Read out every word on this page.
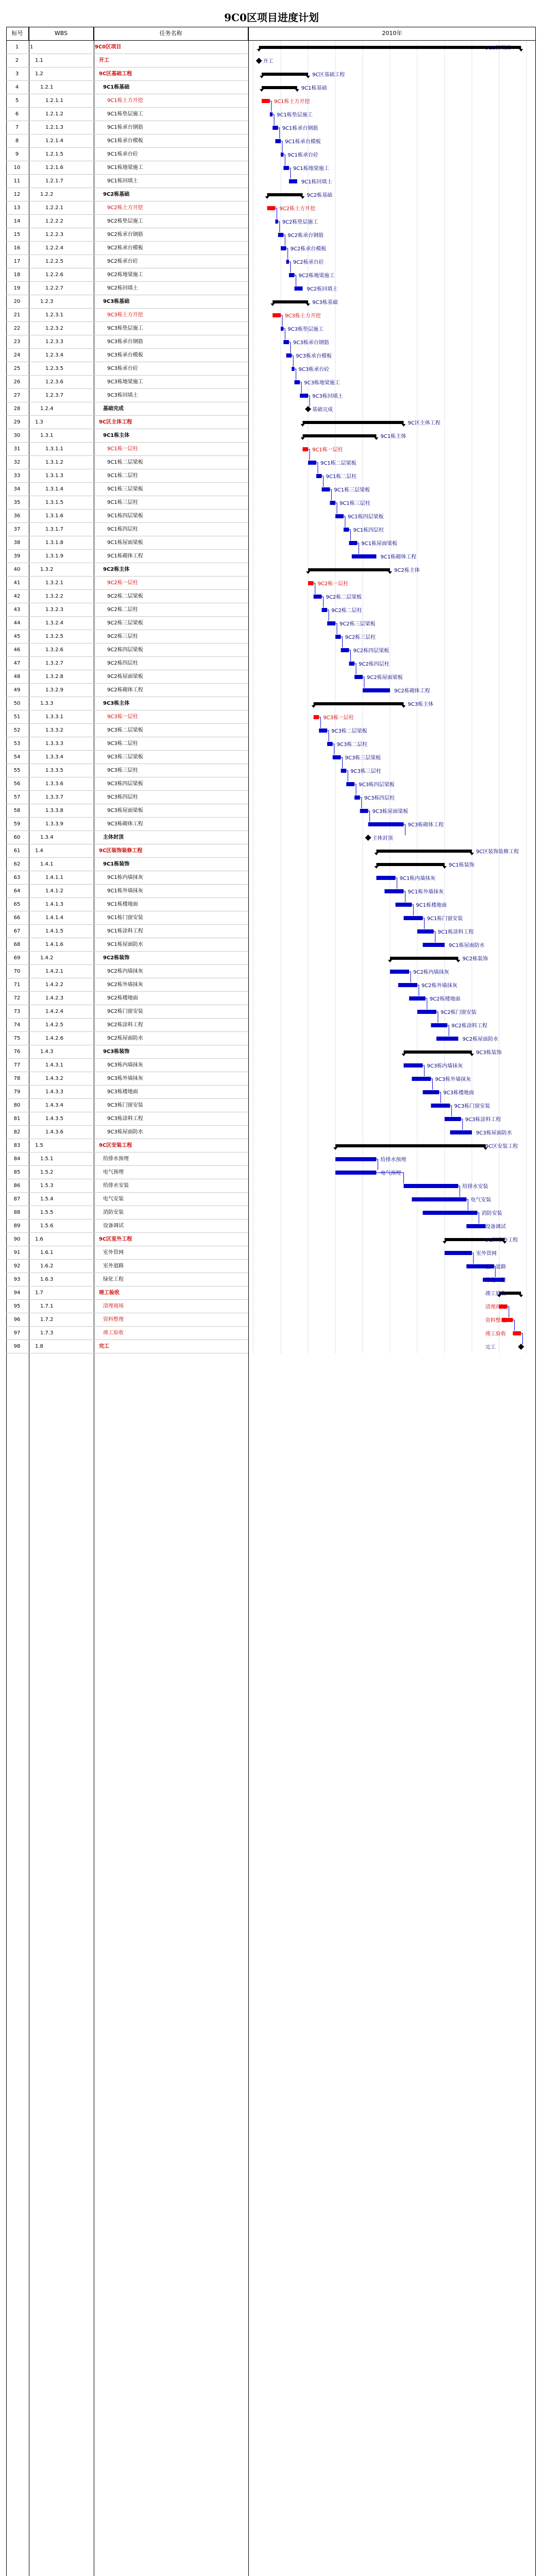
9C0区项目进度计划
标号	WBS	任务名称	2010年
1	1	9C0区项目
2	1.1	开工
3	1.2	9C区基础工程
4	1.2.1	9C1栋基础
5	1.2.1.1	9C1栋土方开挖
6	1.2.1.2	9C1栋垫层施工
7	1.2.1.3	9C1栋承台钢筋
8	1.2.1.4	9C1栋承台模板
9	1.2.1.5	9C1栋承台砼
10	1.2.1.6	9C1栋地梁施工
11	1.2.1.7	9C1栋回填土
12	1.2.2	9C2栋基础
13	1.2.2.1	9C2栋土方开挖
14	1.2.2.2	9C2栋垫层施工
15	1.2.2.3	9C2栋承台钢筋
16	1.2.2.4	9C2栋承台模板
17	1.2.2.5	9C2栋承台砼
18	1.2.2.6	9C2栋地梁施工
19	1.2.2.7	9C2栋回填土
20	1.2.3	9C3栋基础
21	1.2.3.1	9C3栋土方开挖
22	1.2.3.2	9C3栋垫层施工
23	1.2.3.3	9C3栋承台钢筋
24	1.2.3.4	9C3栋承台模板
25	1.2.3.5	9C3栋承台砼
26	1.2.3.6	9C3栋地梁施工
27	1.2.3.7	9C3栋回填土
28	1.2.4	基础完成
29	1.3	9C区主体工程
30	1.3.1	9C1栋主体
31	1.3.1.1	9C1栋一层柱
32	1.3.1.2	9C1栋二层梁板
33	1.3.1.3	9C1栋二层柱
34	1.3.1.4	9C1栋三层梁板
35	1.3.1.5	9C1栋三层柱
36	1.3.1.6	9C1栋四层梁板
37	1.3.1.7	9C1栋四层柱
38	1.3.1.8	9C1栋屋面梁板
39	1.3.1.9	9C1栋砌体工程
40	1.3.2	9C2栋主体
41	1.3.2.1	9C2栋一层柱
42	1.3.2.2	9C2栋二层梁板
43	1.3.2.3	9C2栋二层柱
44	1.3.2.4	9C2栋三层梁板
45	1.3.2.5	9C2栋三层柱
46	1.3.2.6	9C2栋四层梁板
47	1.3.2.7	9C2栋四层柱
48	1.3.2.8	9C2栋屋面梁板
49	1.3.2.9	9C2栋砌体工程
50	1.3.3	9C3栋主体
51	1.3.3.1	9C3栋一层柱
52	1.3.3.2	9C3栋二层梁板
53	1.3.3.3	9C3栋二层柱
54	1.3.3.4	9C3栋三层梁板
55	1.3.3.5	9C3栋三层柱
56	1.3.3.6	9C3栋四层梁板
57	1.3.3.7	9C3栋四层柱
58	1.3.3.8	9C3栋屋面梁板
59	1.3.3.9	9C3栋砌体工程
60	1.3.4	主体封顶
61	1.4	9C区装饰装修工程
62	1.4.1	9C1栋装饰
63	1.4.1.1	9C1栋内墙抹灰
64	1.4.1.2	9C1栋外墙抹灰
65	1.4.1.3	9C1栋楼地面
66	1.4.1.4	9C1栋门窗安装
67	1.4.1.5	9C1栋涂料工程
68	1.4.1.6	9C1栋屋面防水
69	1.4.2	9C2栋装饰
70	1.4.2.1	9C2栋内墙抹灰
71	1.4.2.2	9C2栋外墙抹灰
72	1.4.2.3	9C2栋楼地面
73	1.4.2.4	9C2栋门窗安装
74	1.4.2.5	9C2栋涂料工程
75	1.4.2.6	9C2栋屋面防水
76	1.4.3	9C3栋装饰
77	1.4.3.1	9C3栋内墙抹灰
78	1.4.3.2	9C3栋外墙抹灰
79	1.4.3.3	9C3栋楼地面
80	1.4.3.4	9C3栋门窗安装
81	1.4.3.5	9C3栋涂料工程
82	1.4.3.6	9C3栋屋面防水
83	1.5	9C区安装工程
84	1.5.1	给排水预埋
85	1.5.2	电气预埋
86	1.5.3	给排水安装
87	1.5.4	电气安装
88	1.5.5	消防安装
89	1.5.6	设备调试
90	1.6	9C区室外工程
91	1.6.1	室外管网
92	1.6.2	室外道路
93	1.6.3	绿化工程
94	1.7	竣工验收
95	1.7.1	清理现场
96	1.7.2	资料整理
97	1.7.3	竣工验收
98	1.8	完工
9C0区项目
开工
9C区基础工程
9C1栋基础
9C1栋土方开挖
9C1栋垫层施工
9C1栋承台钢筋
9C1栋承台模板
9C1栋承台砼
9C1栋地梁施工
9C1栋回填土
9C2栋基础
9C2栋土方开挖
9C2栋垫层施工
9C2栋承台钢筋
9C2栋承台模板
9C2栋承台砼
9C2栋地梁施工
9C2栋回填土
9C3栋基础
9C3栋土方开挖
9C3栋垫层施工
9C3栋承台钢筋
9C3栋承台模板
9C3栋承台砼
9C3栋地梁施工
9C3栋回填土
基础完成
9C区主体工程
9C1栋主体
9C1栋一层柱
9C1栋二层梁板
9C1栋二层柱
9C1栋三层梁板
9C1栋三层柱
9C1栋四层梁板
9C1栋四层柱
9C1栋屋面梁板
9C1栋砌体工程
9C2栋主体
9C2栋一层柱
9C2栋二层梁板
9C2栋二层柱
9C2栋三层梁板
9C2栋三层柱
9C2栋四层梁板
9C2栋四层柱
9C2栋屋面梁板
9C2栋砌体工程
9C3栋主体
9C3栋一层柱
9C3栋二层梁板
9C3栋二层柱
9C3栋三层梁板
9C3栋三层柱
9C3栋四层梁板
9C3栋四层柱
9C3栋屋面梁板
9C3栋砌体工程
主体封顶
9C区装饰装修工程
9C1栋装饰
9C1栋内墙抹灰
9C1栋外墙抹灰
9C1栋楼地面
9C1栋门窗安装
9C1栋涂料工程
9C1栋屋面防水
9C2栋装饰
9C2栋内墙抹灰
9C2栋外墙抹灰
9C2栋楼地面
9C2栋门窗安装
9C2栋涂料工程
9C2栋屋面防水
9C3栋装饰
9C3栋内墙抹灰
9C3栋外墙抹灰
9C3栋楼地面
9C3栋门窗安装
9C3栋涂料工程
9C3栋屋面防水
9C区安装工程
给排水预埋
电气预埋
给排水安装
电气安装
消防安装
设备调试
9C区室外工程
室外管网
室外道路
绿化工程
竣工验收
清理现场
资料整理
竣工验收
完工
